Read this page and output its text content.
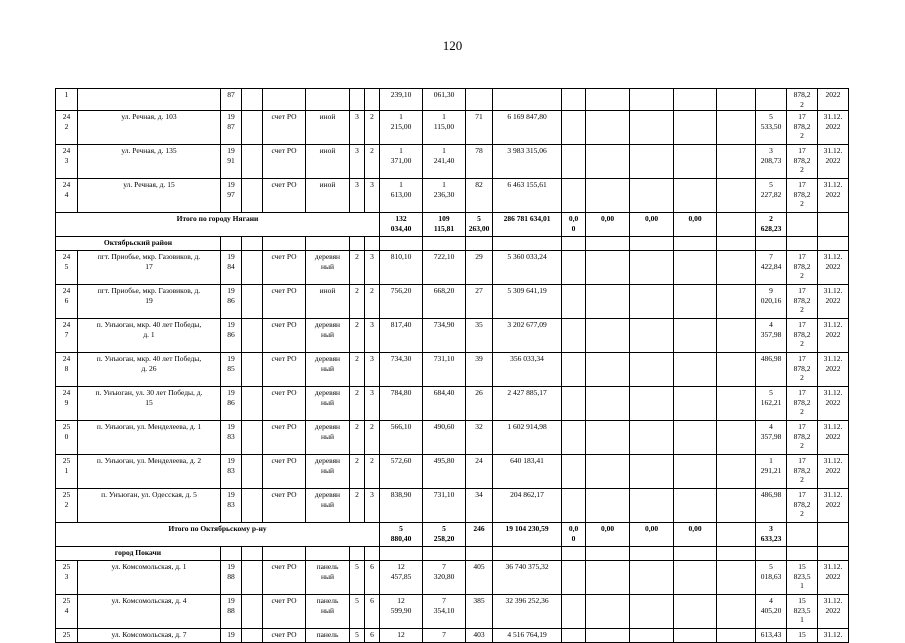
120
1		87						239,10	061,30									878,2
2	2022
24
2	ул. Речная, д. 103	19
87		счет РО	иной	3	2	1
215,00	1
115,00	71	6 169 847,80						5
533,50	17
878,2
2	31.12.
2022
24
3	ул. Речная, д. 135	19
91		счет РО	иной	3	2	1
371,00	1
241,40	78	3 983 315,06						3
208,73	17
878,2
2	31.12.
2022
24
4	ул. Речная, д. 15	19
97		счет РО	иной	3	3	1
613,00	1
236,30	82	6 463 155,61						5
227,82	17
878,2
2	31.12.
2022
Итого по городу Нягани								132
034,40	109
115,81	5
263,00	286 781 634,01	0,0
0	0,00	0,00	0,00		2
628,23		
Октябрьский район																			
24
5	пгт. Приобье, мкр. Газовиков, д.
17	19
84		счет РО	деревян
ный	2	3	810,10	722,10	29	5 360 033,24						7
422,84	17
878,2
2	31.12.
2022
24
6	пгт. Приобье, мкр. Газовиков, д.
19	19
86		счет РО	иной	2	2	756,20	668,20	27	5 309 641,19						9
020,16	17
878,2
2	31.12.
2022
24
7	п. Унъюган, мкр. 40 лет Победы,
д. 1	19
86		счет РО	деревян
ный	2	3	817,40	734,90	35	3 202 677,09						4
357,98	17
878,2
2	31.12.
2022
24
8	п. Унъюган, мкр. 40 лет Победы,
д. 26	19
85		счет РО	деревян
ный	2	3	734,30	731,10	39	356 033,34						486,98	17
878,2
2	31.12.
2022
24
9	п. Унъюган, ул. 30 лет Победы, д.
15	19
86		счет РО	деревян
ный	2	3	784,80	684,40	26	2 427 885,17						5
162,21	17
878,2
2	31.12.
2022
25
0	п. Унъюган, ул. Менделеева, д. 1	19
83		счет РО	деревян
ный	2	2	566,10	490,60	32	1 602 914,98						4
357,98	17
878,2
2	31.12.
2022
25
1	п. Унъюган, ул. Менделеева, д. 2	19
83		счет РО	деревян
ный	2	2	572,60	495,80	24	640 183,41						1
291,21	17
878,2
2	31.12.
2022
25
2	п. Унъюган, ул. Одесская, д. 5	19
83		счет РО	деревян
ный	2	3	838,90	731,10	34	204 862,17						486,98	17
878,2
2	31.12.
2022
Итого по Октябрьскому р-ну								5
880,40	5
258,20	246	19 104 230,59	0,0
0	0,00	0,00	0,00		3
633,23		
город Покачи																			
25
3	ул. Комсомольская, д. 1	19
88		счет РО	панель
ный	5	6	12
457,85	7
320,80	405	36 740 375,32						5
018,63	15
823,5
1	31.12.
2022
25
4	ул. Комсомольская, д. 4	19
88		счет РО	панель
ный	5	6	12
599,90	7
354,10	385	32 396 252,36						4
405,20	15
823,5
1	31.12.
2022
25	ул. Комсомольская, д. 7	19		счет РО	панель	5	6	12	7	403	4 516 764,19						613,43	15	31.12.
